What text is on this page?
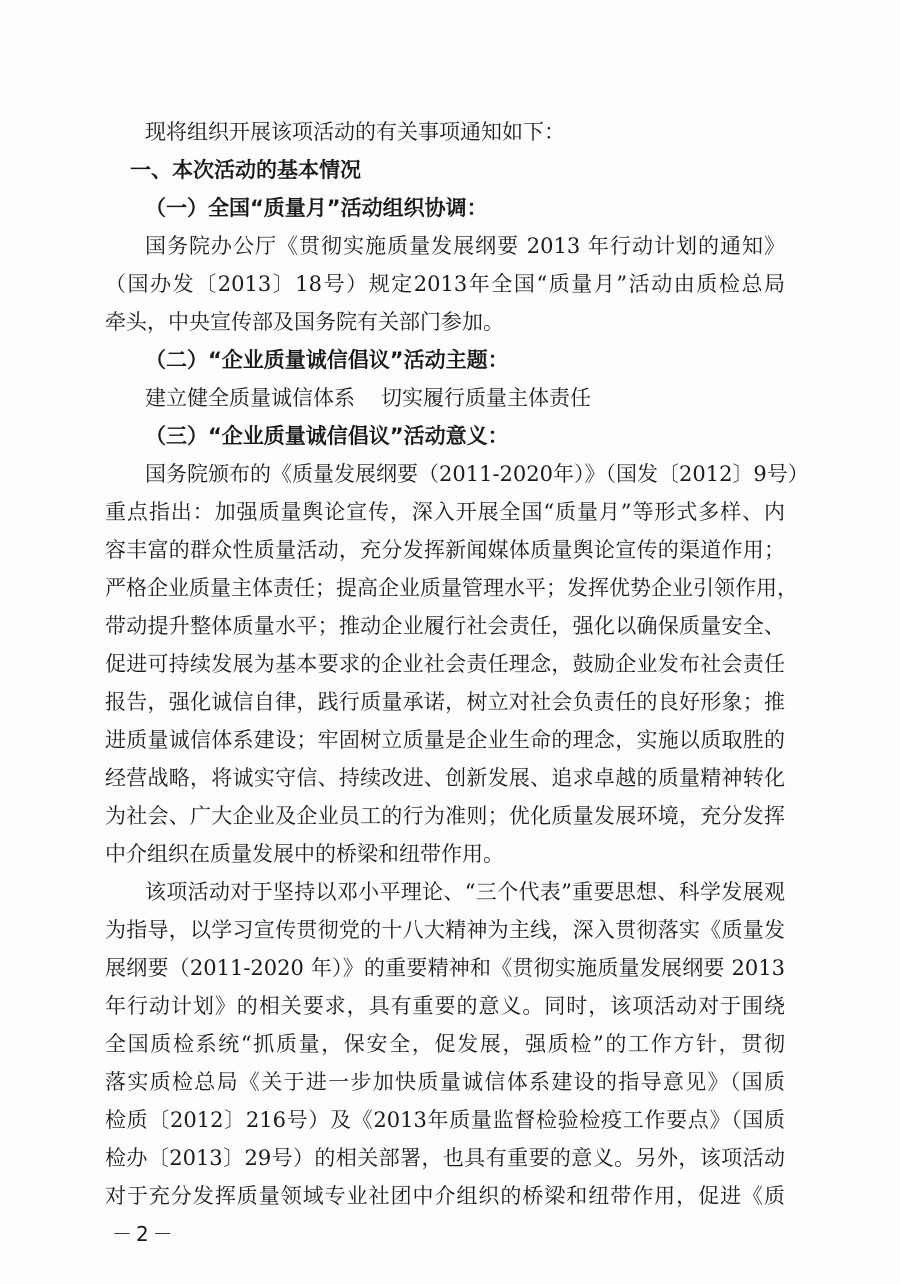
现将组织开展该项活动的有关事项通知如下：
一、本次活动的基本情况
（一）全国“质量月”活动组织协调：
国务院办公厅《贯彻实施质量发展纲要 2013 年行动计划的通知》
（国办发〔2013〕18号）规定2013年全国“质量月”活动由质检总局
牵头，中央宣传部及国务院有关部门参加。
（二）“企业质量诚信倡议”活动主题：
建立健全质量诚信体系 切实履行质量主体责任
（三）“企业质量诚信倡议”活动意义：
国务院颁布的《质量发展纲要（2011-2020年）》（国发〔2012〕9号）
重点指出：加强质量舆论宣传，深入开展全国“质量月”等形式多样、内
容丰富的群众性质量活动，充分发挥新闻媒体质量舆论宣传的渠道作用；
严格企业质量主体责任；提高企业质量管理水平；发挥优势企业引领作用，
带动提升整体质量水平；推动企业履行社会责任，强化以确保质量安全、
促进可持续发展为基本要求的企业社会责任理念，鼓励企业发布社会责任
报告，强化诚信自律，践行质量承诺，树立对社会负责任的良好形象；推
进质量诚信体系建设；牢固树立质量是企业生命的理念，实施以质取胜的
经营战略，将诚实守信、持续改进、创新发展、追求卓越的质量精神转化
为社会、广大企业及企业员工的行为准则；优化质量发展环境，充分发挥
中介组织在质量发展中的桥梁和纽带作用。
该项活动对于坚持以邓小平理论、“三个代表”重要思想、科学发展观
为指导，以学习宣传贯彻党的十八大精神为主线，深入贯彻落实《质量发
展纲要（2011-2020 年）》的重要精神和《贯彻实施质量发展纲要 2013
年行动计划》的相关要求，具有重要的意义。同时，该项活动对于围绕
全国质检系统“抓质量，保安全，促发展，强质检”的工作方针，贯彻
落实质检总局《关于进一步加快质量诚信体系建设的指导意见》（国质
检质〔2012〕216号）及《2013年质量监督检验检疫工作要点》（国质
检办〔2013〕29号）的相关部署，也具有重要的意义。另外，该项活动
对于充分发挥质量领域专业社团中介组织的桥梁和纽带作用，促进《质
－2－
